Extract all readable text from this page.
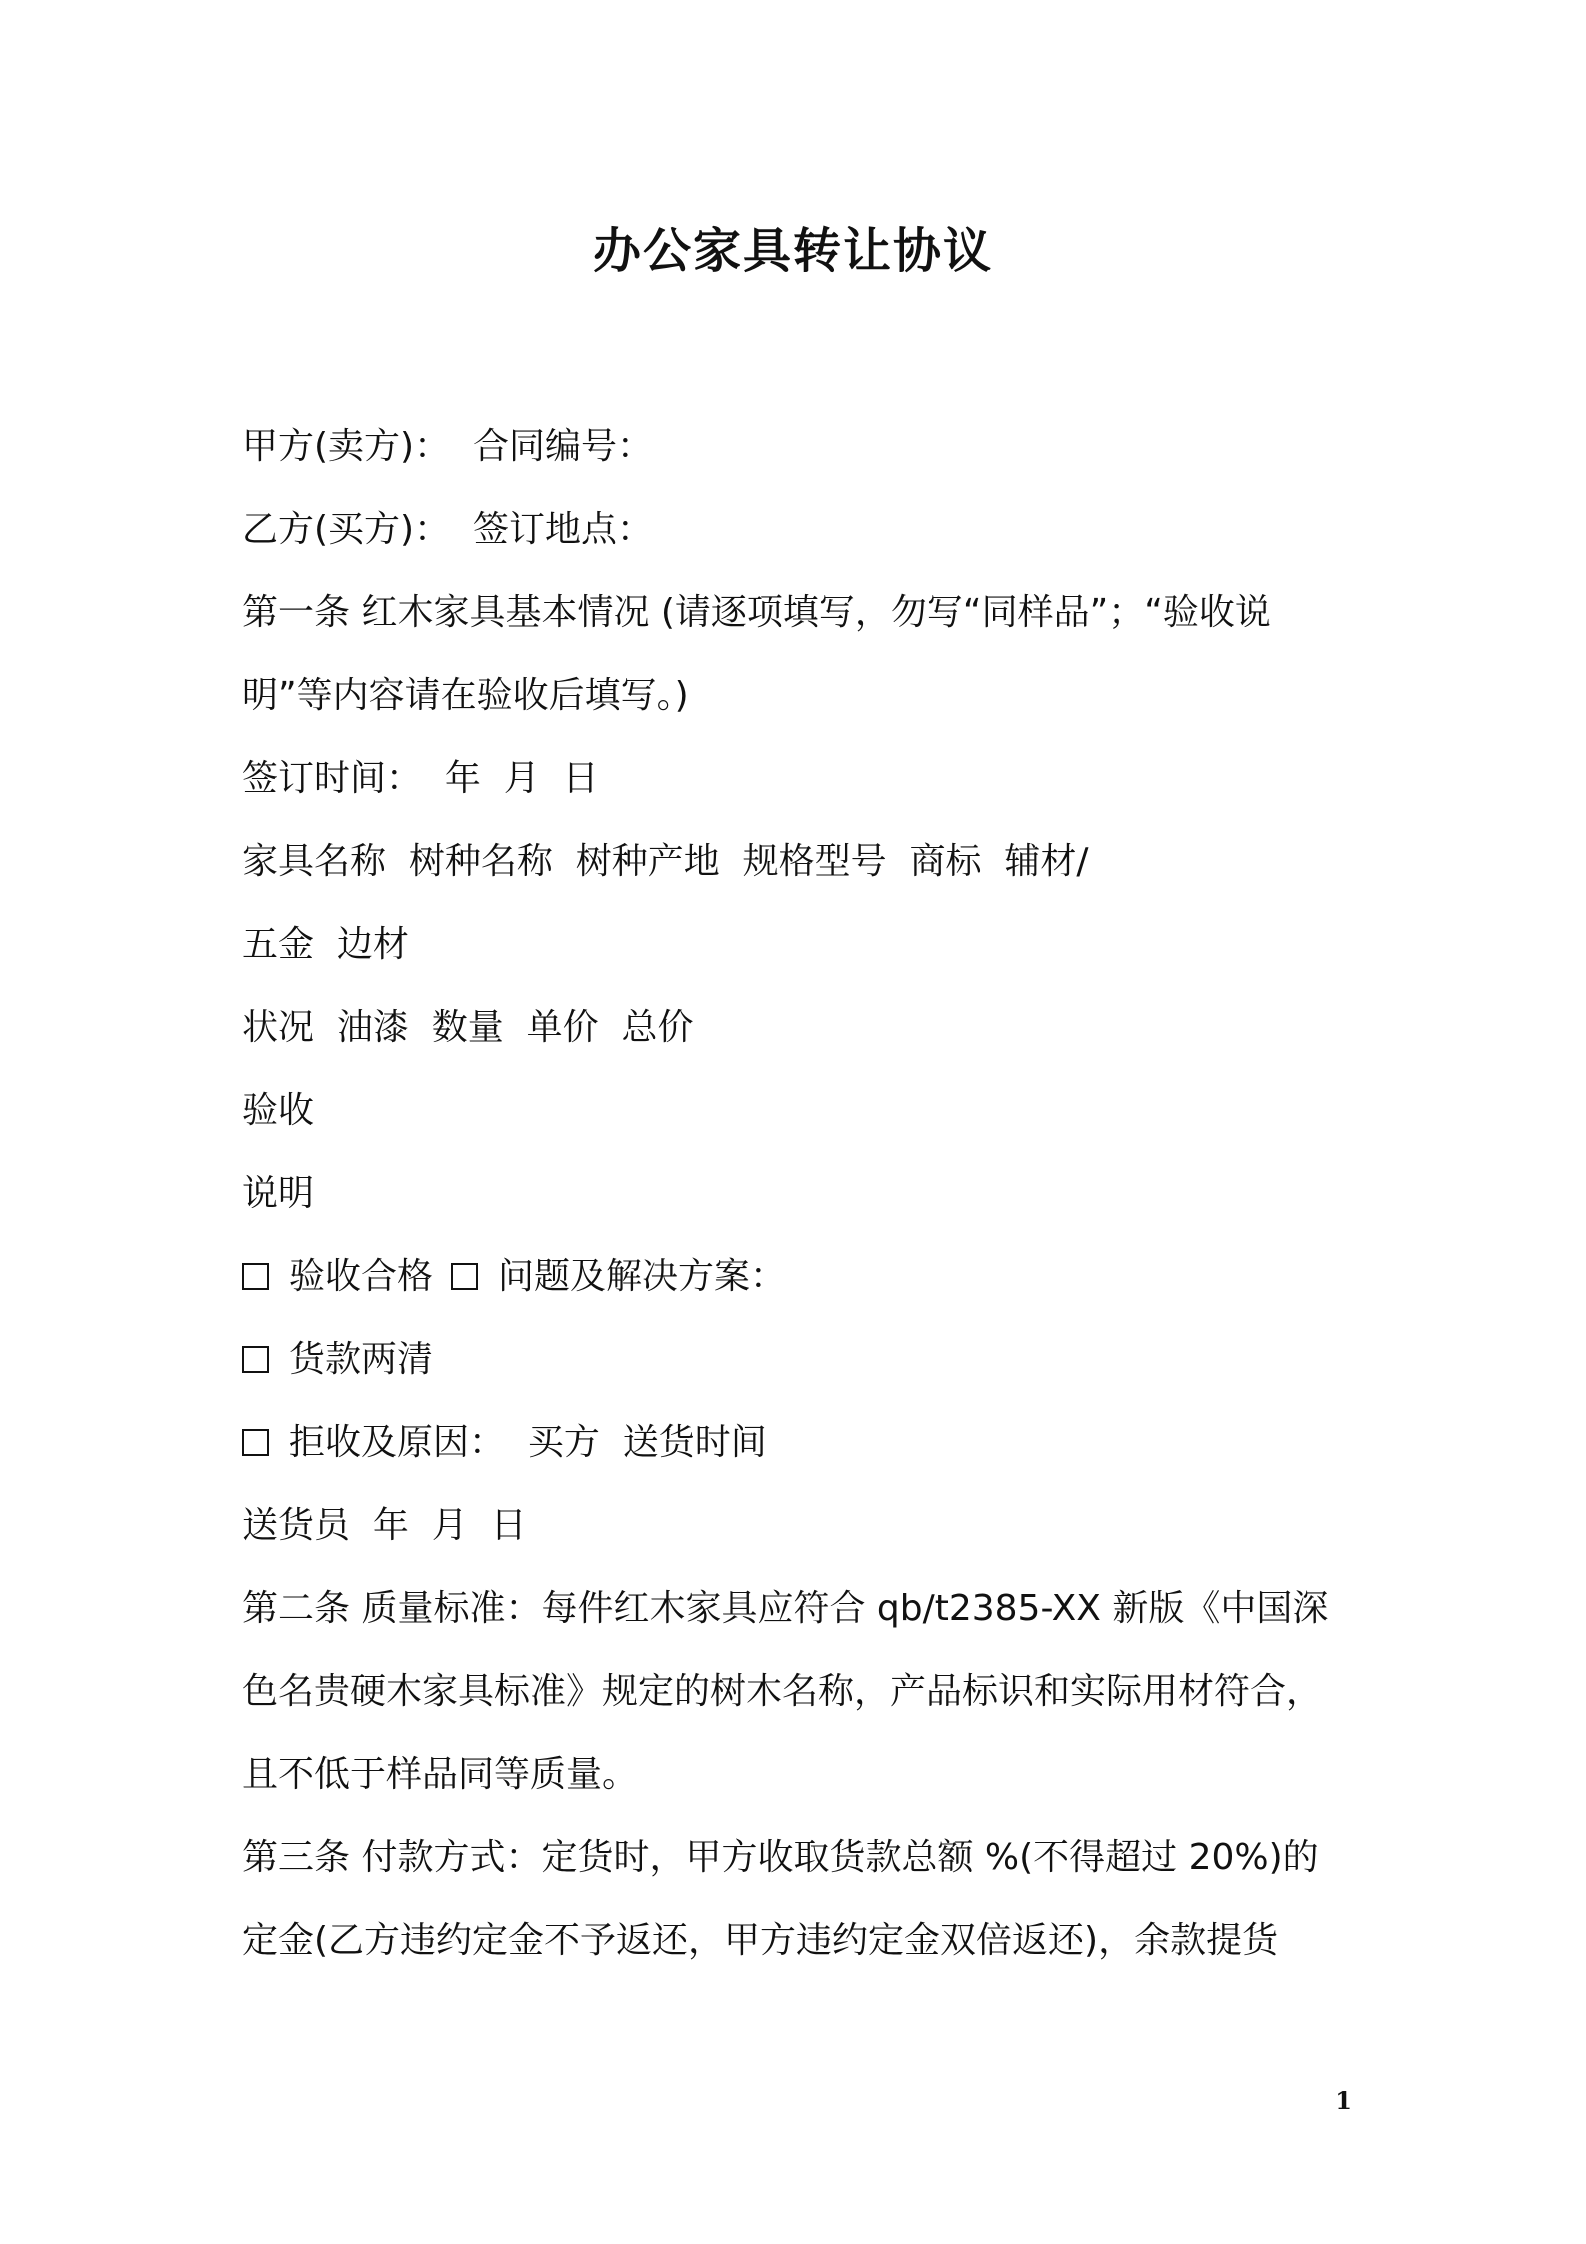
办公家具转让协议

甲方(卖方)：  合同编号：

乙方(买方)：  签订地点：

第一条 红木家具基本情况 (请逐项填写，勿写“同样品”；“验收说明”等内容请在验收后填写。)

签订时间：  年  月  日

家具名称  树种名称  树种产地  规格型号  商标  辅材/

五金  边材

状况  油漆  数量  单价  总价

验收

说明

验收合格 问题及解决方案：

货款两清

拒收及原因：  买方  送货时间

送货员  年  月  日

第二条 质量标准：每件红木家具应符合 qb/t2385-XX 新版《中国深色名贵硬木家具标准》规定的树木名称，产品标识和实际用材符合，且不低于样品同等质量。

第三条 付款方式：定货时，甲方收取货款总额 %(不得超过 20%)的定金(乙方违约定金不予返还，甲方违约定金双倍返还)，余款提货

1
